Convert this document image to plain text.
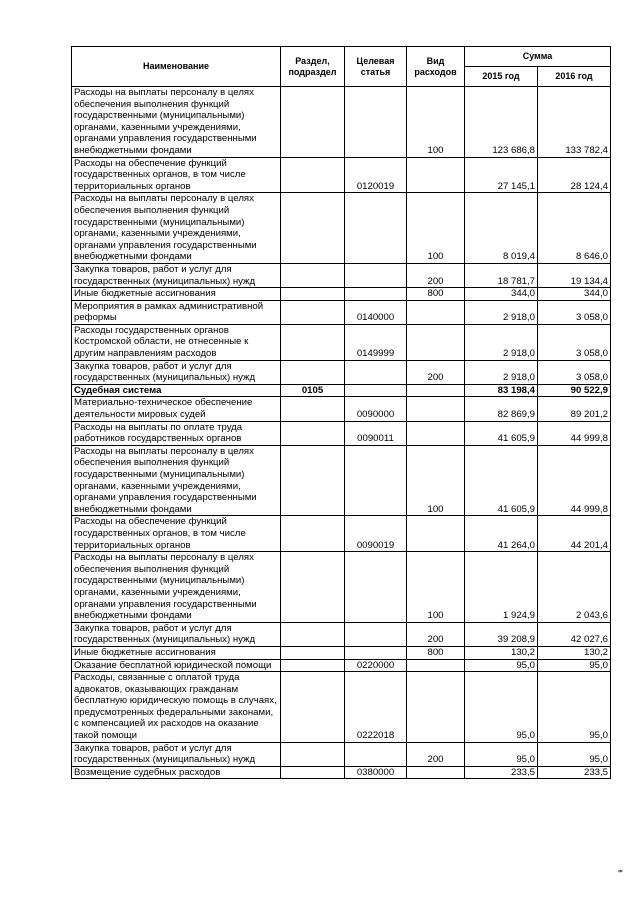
Наименование	Раздел, подраздел	Целевая статья	Вид расходов	Сумма	
				2015 год	2016 год
Расходы на выплаты персоналу в целях обеспечения выполнения функций государственными (муниципальными) органами, казенными учреждениями, органами управления государственными внебюджетными фондами			100	123 686,8	133 782,4
Расходы на обеспечение функций государственных органов, в том числе территориальных органов		0120019		27 145,1	28 124,4
Расходы на выплаты персоналу в целях обеспечения выполнения функций государственными (муниципальными) органами, казенными учреждениями, органами управления государственными внебюджетными фондами			100	8 019,4	8 646,0
Закупка товаров, работ и услуг для государственных (муниципальных) нужд			200	18 781,7	19 134,4
Иные бюджетные ассигнования			800	344,0	344,0
Мероприятия в рамках административной реформы		0140000		2 918,0	3 058,0
Расходы государственных органов Костромской области, не отнесенные к другим направлениям расходов		0149999		2 918,0	3 058,0
Закупка товаров, работ и услуг для государственных (муниципальных) нужд			200	2 918,0	3 058,0
Судебная система	0105			83 198,4	90 522,9
Материально-техническое обеспечение деятельности мировых судей		0090000		82 869,9	89 201,2
Расходы на выплаты по оплате труда работников государственных органов		0090011		41 605,9	44 999,8
Расходы на выплаты персоналу в целях обеспечения выполнения функций государственными (муниципальными) органами, казенными учреждениями, органами управления государственными внебюджетными фондами			100	41 605,9	44 999,8
Расходы на обеспечение функций государственных органов, в том числе территориальных органов		0090019		41 264,0	44 201,4
Расходы на выплаты персоналу в целях обеспечения выполнения функций государственными (муниципальными) органами, казенными учреждениями, органами управления государственными внебюджетными фондами			100	1 924,9	2 043,6
Закупка товаров, работ и услуг для государственных (муниципальных) нужд			200	39 208,9	42 027,6
Иные бюджетные ассигнования			800	130,2	130,2
Оказание бесплатной юридической помощи		0220000		95,0	95,0
Расходы, связанные с оплатой труда адвокатов, оказывающих гражданам бесплатную юридическую помощь в случаях, предусмотренных федеральными законами, с компенсацией их расходов на оказание такой помощи		0222018		95,0	95,0
Закупка товаров, работ и услуг для государственных (муниципальных) нужд			200	95,0	95,0
Возмещение судебных расходов		0380000		233,5	233,5
‴
